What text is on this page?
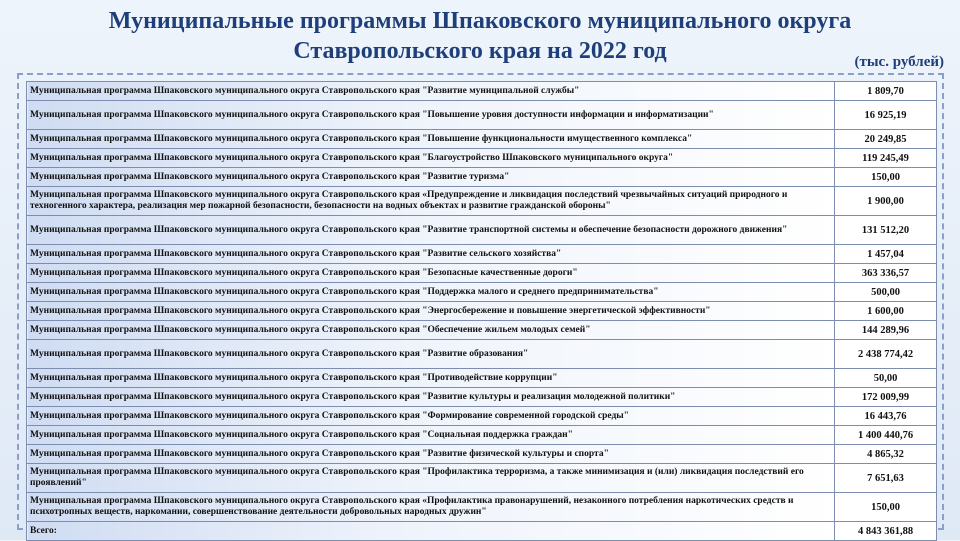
Муниципальные программы Шпаковского муниципального округа
Ставропольского края на 2022 год	(тыс. рублей)
Муниципальная программа Шпаковского муниципального округа Ставропольского края "Развитие муниципальной службы"	1 809,70
Муниципальная программа Шпаковского муниципального округа Ставропольского края "Повышение уровня доступности информации и информатизации"	16 925,19
Муниципальная программа Шпаковского муниципального округа Ставропольского края "Повышение функциональности имущественного комплекса"	20 249,85
Муниципальная программа Шпаковского муниципального округа Ставропольского края "Благоустройство Шпаковского муниципального округа"	119 245,49
Муниципальная программа Шпаковского муниципального округа Ставропольского края "Развитие туризма"	150,00
Муниципальная программа Шпаковского муниципального округа Ставропольского края «Предупреждение и ликвидация последствий чрезвычайных ситуаций природного и техногенного характера, реализация мер пожарной безопасности, безопасности на водных объектах и развитие гражданской обороны"	1 900,00
Муниципальная программа Шпаковского муниципального округа Ставропольского края "Развитие транспортной системы и обеспечение безопасности дорожного движения"	131 512,20
Муниципальная программа Шпаковского муниципального округа Ставропольского края "Развитие сельского хозяйства"	1 457,04
Муниципальная программа Шпаковского муниципального округа Ставропольского края "Безопасные качественные дороги"	363 336,57
Муниципальная программа Шпаковского муниципального округа Ставропольского края "Поддержка малого и среднего предпринимательства"	500,00
Муниципальная программа Шпаковского муниципального округа Ставропольского края "Энергосбережение и повышение энергетической эффективности"	1 600,00
Муниципальная программа Шпаковского муниципального округа Ставропольского края "Обеспечение жильем молодых семей"	144 289,96
Муниципальная программа Шпаковского муниципального округа Ставропольского края "Развитие образования"	2 438 774,42
Муниципальная программа Шпаковского муниципального округа Ставропольского края "Противодействие коррупции"	50,00
Муниципальная программа Шпаковского муниципального округа Ставропольского края "Развитие культуры и реализация молодежной политики"	172 009,99
Муниципальная программа Шпаковского муниципального округа Ставропольского края "Формирование современной городской среды"	16 443,76
Муниципальная программа Шпаковского муниципального округа Ставропольского края "Социальная поддержка граждан"	1 400 440,76
Муниципальная программа Шпаковского муниципального округа Ставропольского края "Развитие физической культуры и спорта"	4 865,32
Муниципальная программа Шпаковского муниципального округа Ставропольского края "Профилактика терроризма, а также минимизация и (или) ликвидация последствий его проявлений"	7 651,63
Муниципальная программа Шпаковского муниципального округа Ставропольского края «Профилактика правонарушений, незаконного потребления наркотических средств и психотропных веществ, наркомании, совершенствование деятельности добровольных народных дружин"	150,00
Всего:	4 843 361,88
